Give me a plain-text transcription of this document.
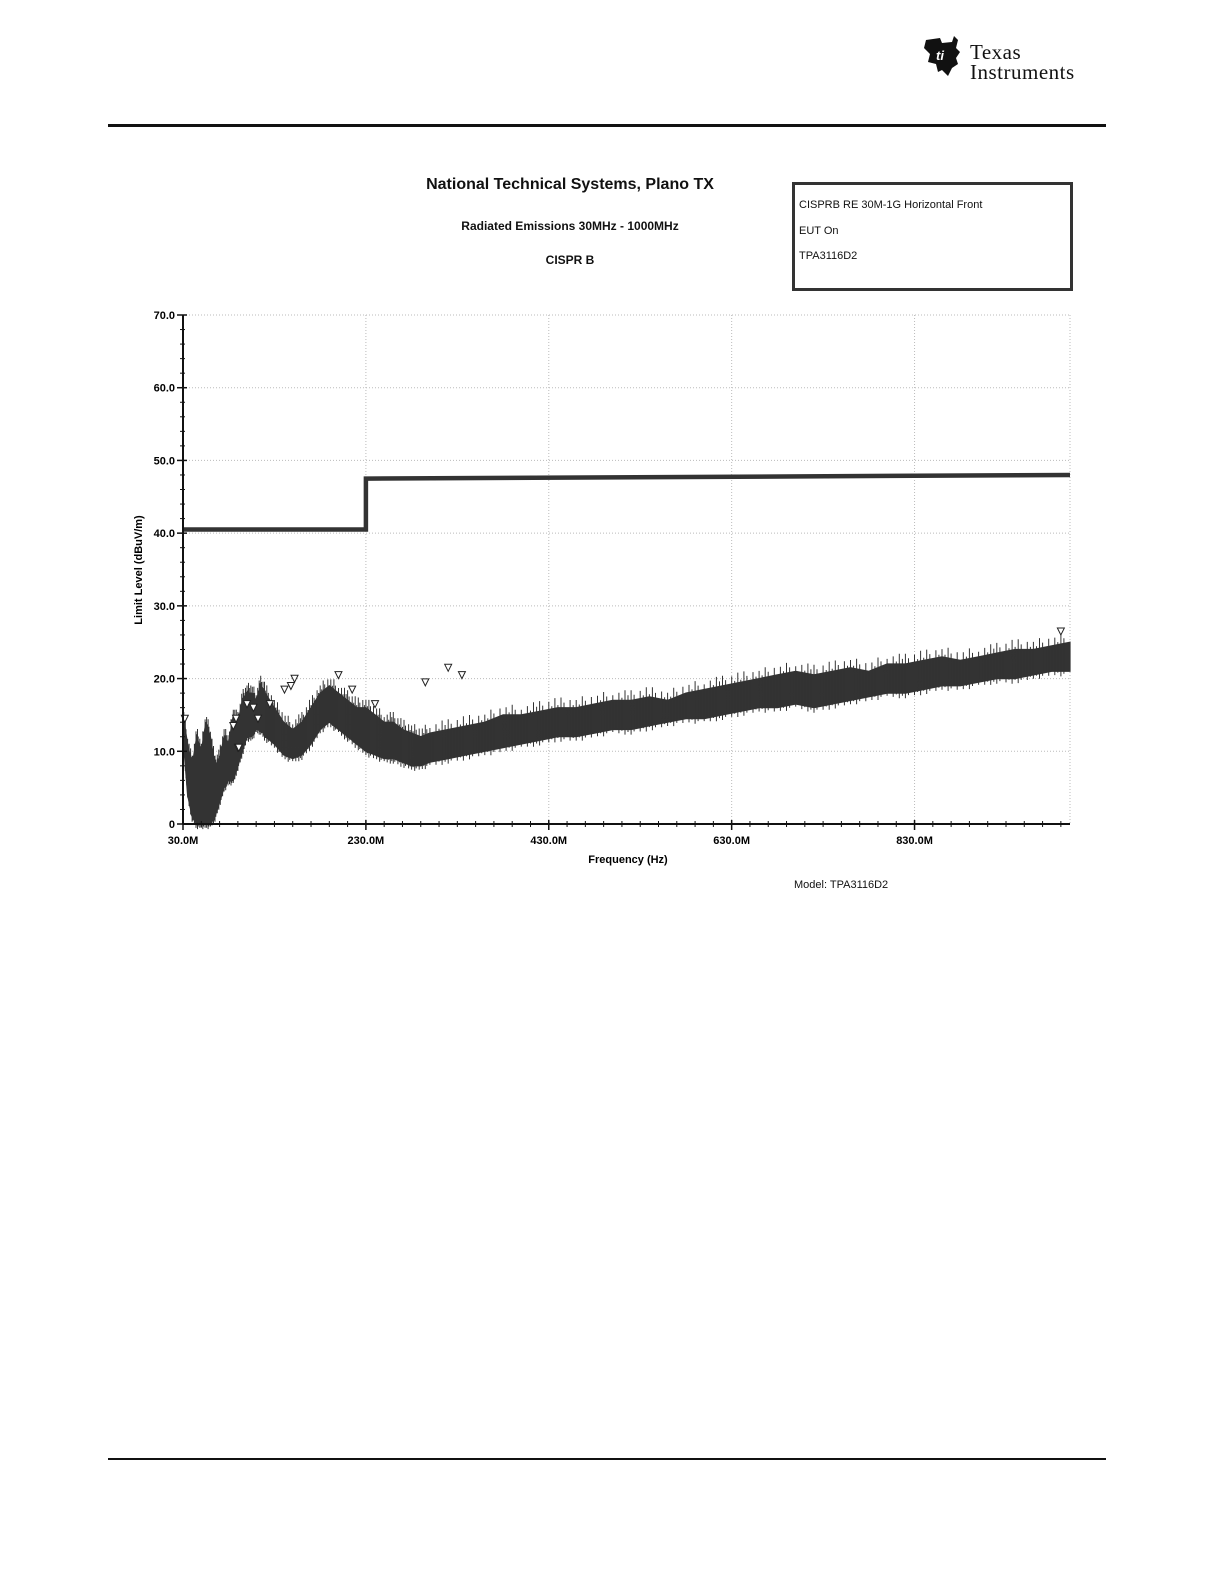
ti Texas
Instruments
National Technical Systems, Plano TX
Radiated Emissions 30MHz - 1000MHz
CISPR B
CISPRB RE 30M-1G Horizontal Front
EUT On
TPA3116D2
0
10.0
20.0
30.0
40.0
50.0
60.0
70.0
30.0M	230.0M	430.0M	630.0M	830.0M
Limit Level (dBuV/m)
Frequency (Hz)
Model: TPA3116D2
